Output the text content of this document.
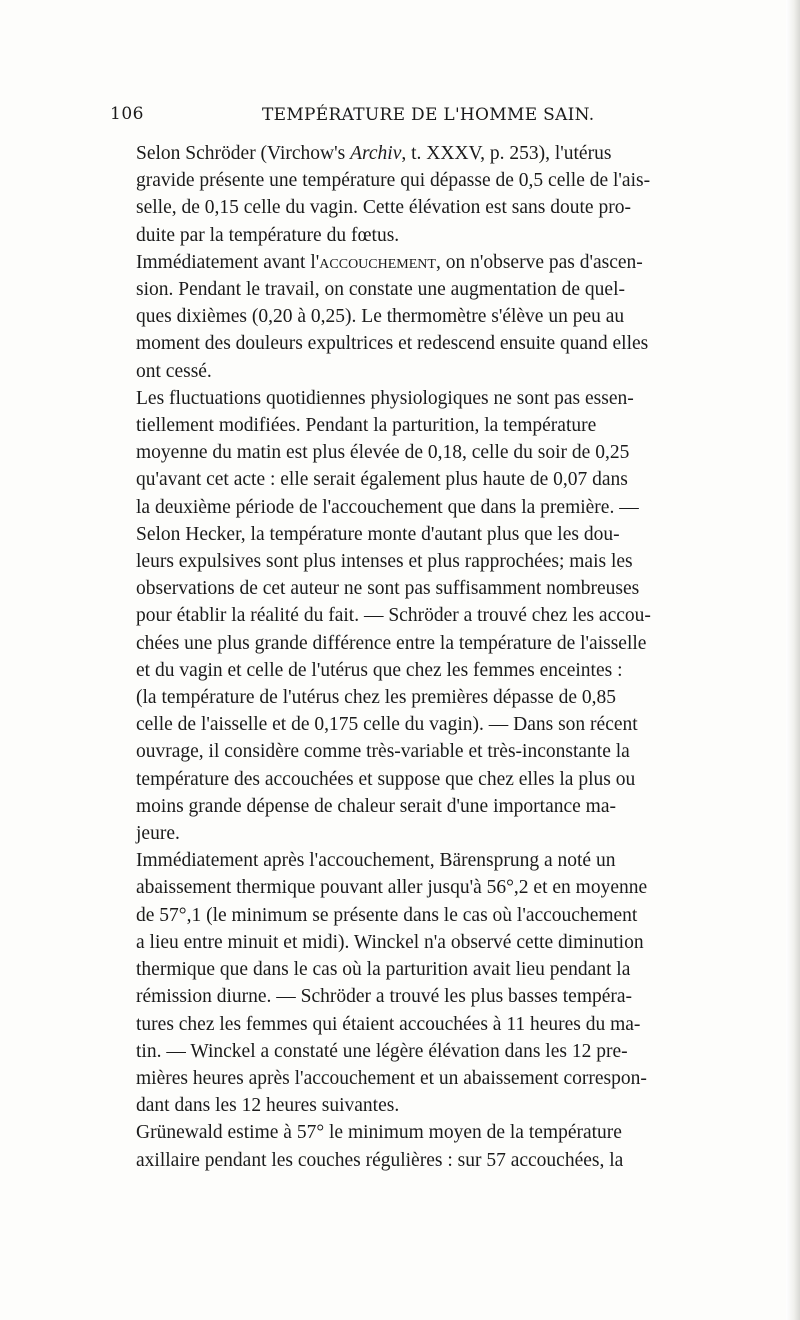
106	TEMPÉRATURE DE L'HOMME SAIN.

Selon Schröder (Virchow's Archiv, t. XXXV, p. 253), l'utérus
gravide présente une température qui dépasse de 0,5 celle de l'ais-
selle, de 0,15 celle du vagin. Cette élévation est sans doute pro-
duite par la température du fœtus.

Immédiatement avant l'accouchement, on n'observe pas d'ascen-
sion. Pendant le travail, on constate une augmentation de quel-
ques dixièmes (0,20 à 0,25). Le thermomètre s'élève un peu au
moment des douleurs expultrices et redescend ensuite quand elles
ont cessé.

Les fluctuations quotidiennes physiologiques ne sont pas essen-
tiellement modifiées. Pendant la parturition, la température
moyenne du matin est plus élevée de 0,18, celle du soir de 0,25
qu'avant cet acte : elle serait également plus haute de 0,07 dans
la deuxième période de l'accouchement que dans la première. —
Selon Hecker, la température monte d'autant plus que les dou-
leurs expulsives sont plus intenses et plus rapprochées; mais les
observations de cet auteur ne sont pas suffisamment nombreuses
pour établir la réalité du fait. — Schröder a trouvé chez les accou-
chées une plus grande différence entre la température de l'aisselle
et du vagin et celle de l'utérus que chez les femmes enceintes :
(la température de l'utérus chez les premières dépasse de 0,85
celle de l'aisselle et de 0,175 celle du vagin). — Dans son récent
ouvrage, il considère comme très-variable et très-inconstante la
température des accouchées et suppose que chez elles la plus ou
moins grande dépense de chaleur serait d'une importance ma-
jeure.

Immédiatement après l'accouchement, Bärensprung a noté un
abaissement thermique pouvant aller jusqu'à 56°,2 et en moyenne
de 57°,1 (le minimum se présente dans le cas où l'accouchement
a lieu entre minuit et midi). Winckel n'a observé cette diminution
thermique que dans le cas où la parturition avait lieu pendant la
rémission diurne. — Schröder a trouvé les plus basses tempéra-
tures chez les femmes qui étaient accouchées à 11 heures du ma-
tin. — Winckel a constaté une légère élévation dans les 12 pre-
mières heures après l'accouchement et un abaissement correspon-
dant dans les 12 heures suivantes.

Grünewald estime à 57° le minimum moyen de la température
axillaire pendant les couches régulières : sur 57 accouchées, la
